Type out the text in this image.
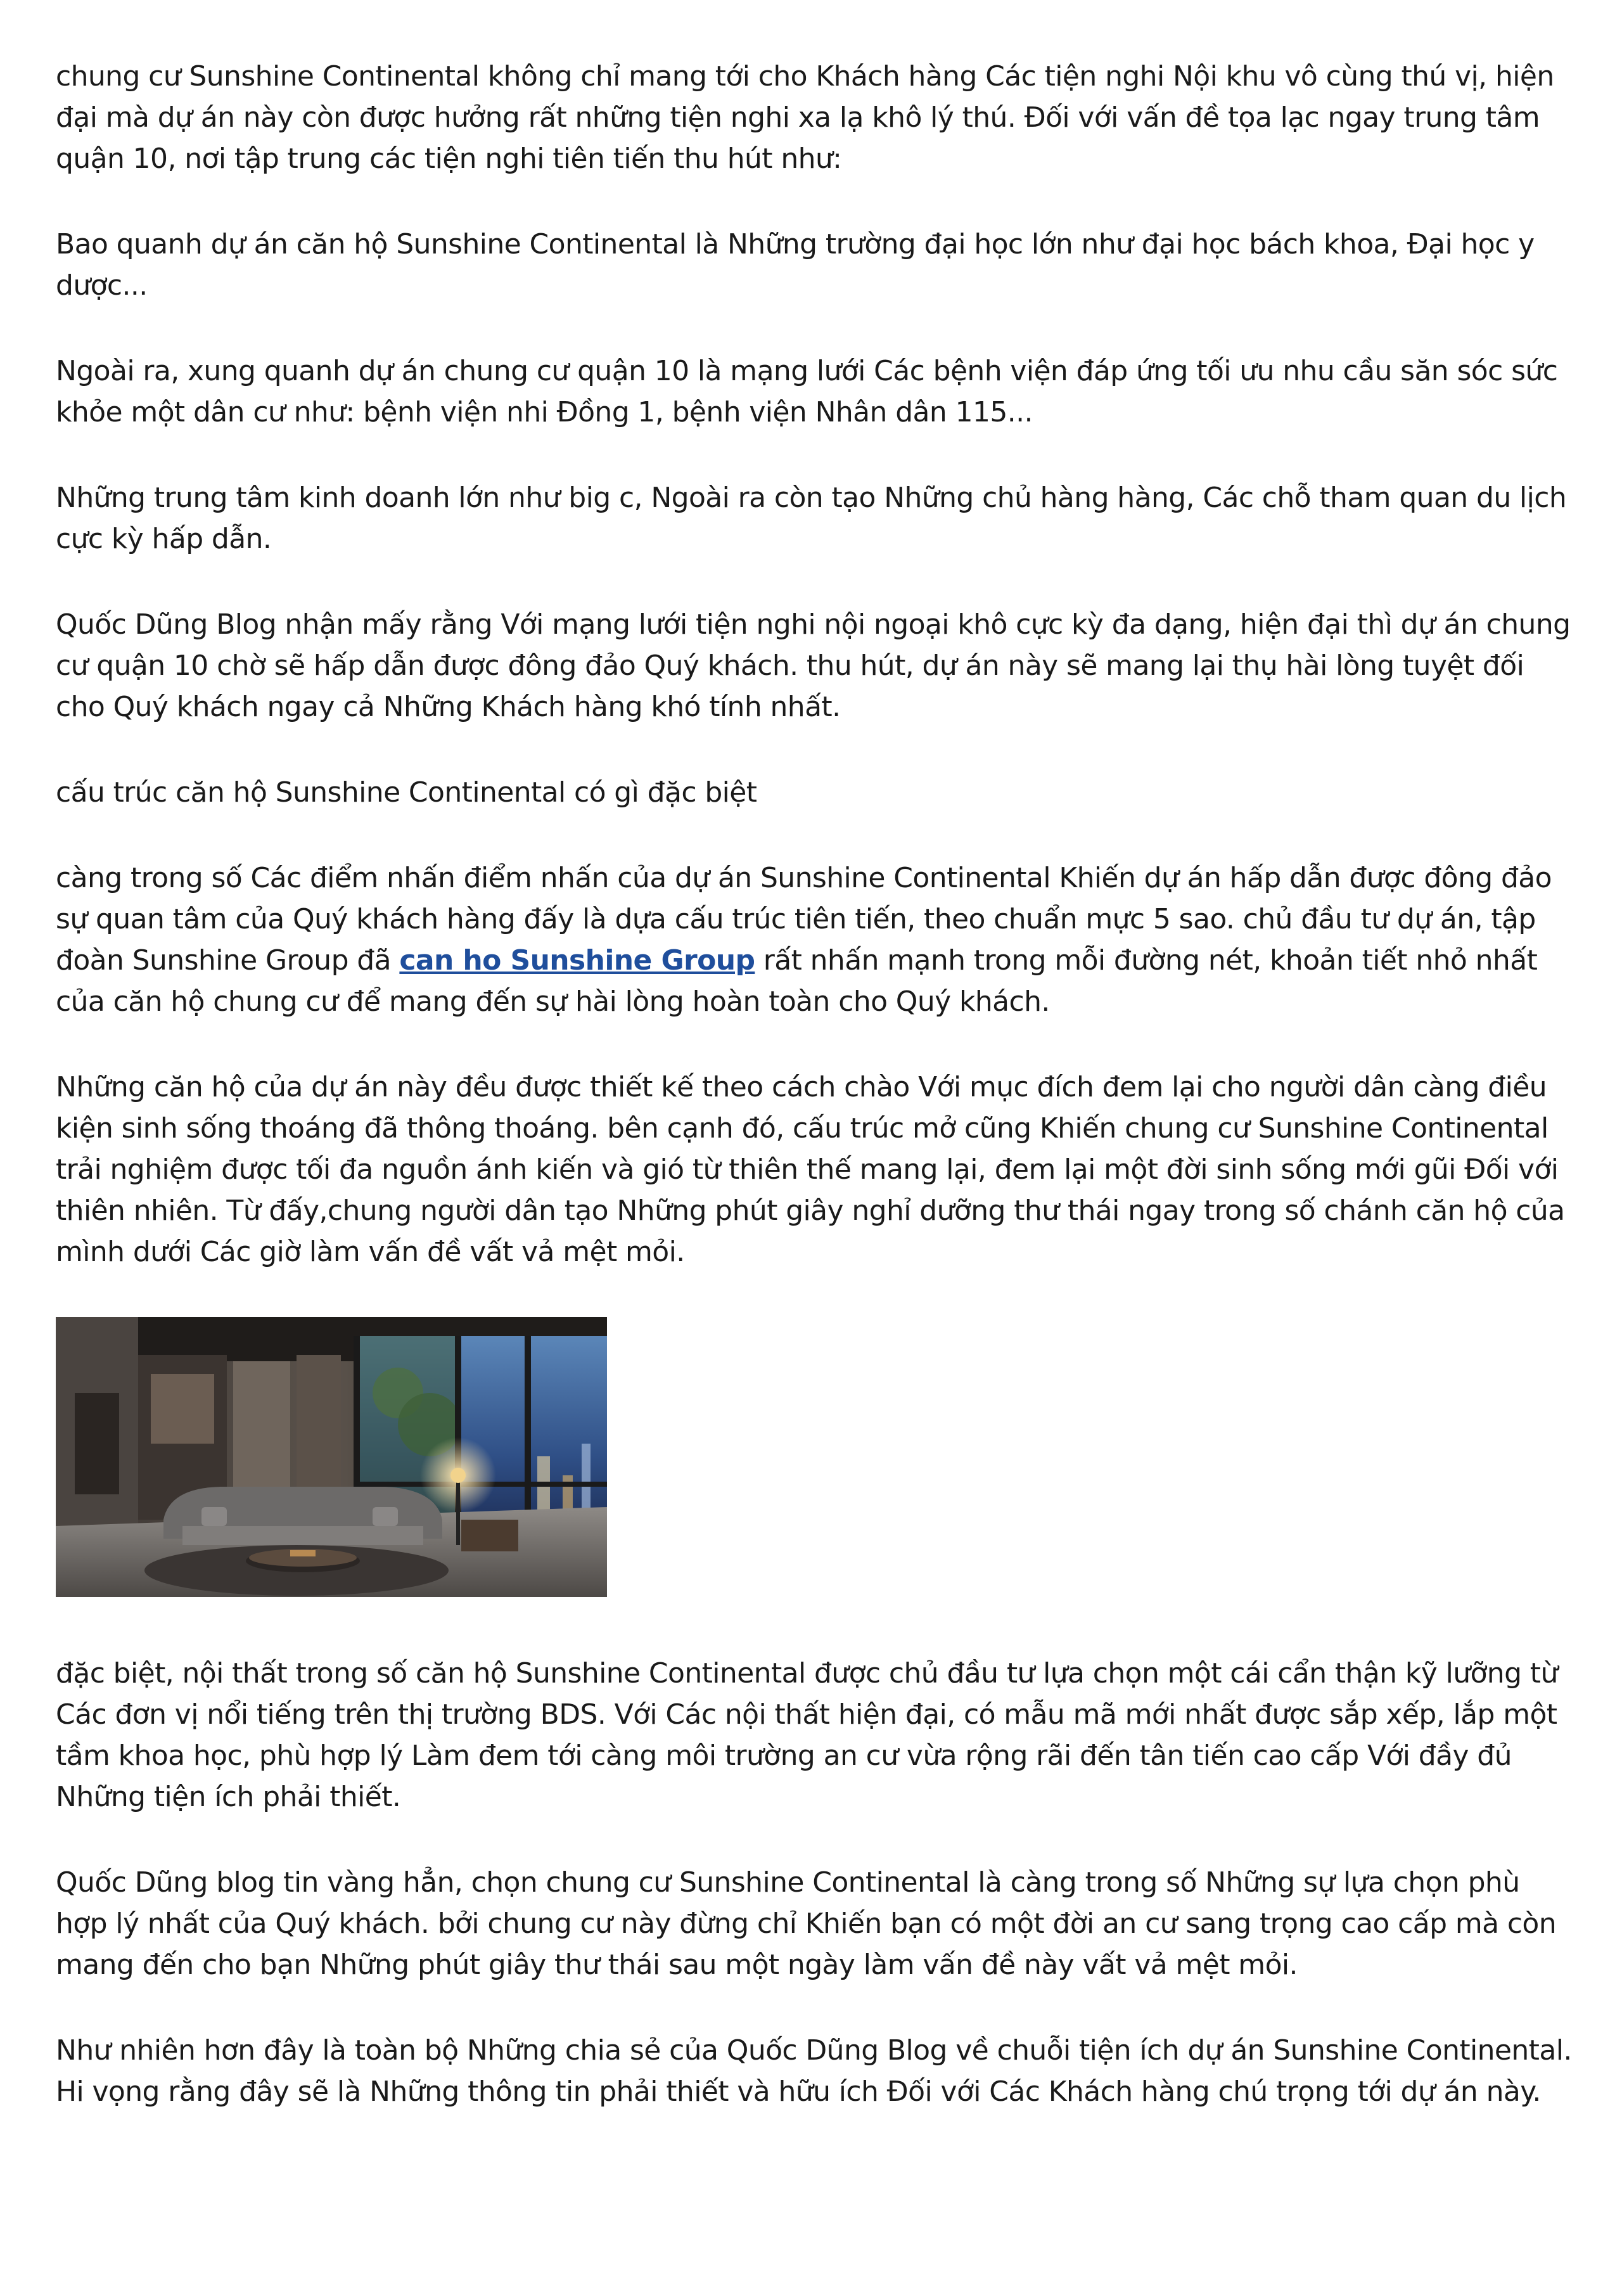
chung cư Sunshine Continental không chỉ mang tới cho Khách hàng Các tiện nghi Nội khu vô cùng thú vị, hiện đại mà dự án này còn được hưởng rất những tiện nghi xa lạ khô lý thú. Đối với vấn đề tọa lạc ngay trung tâm quận 10, nơi tập trung các tiện nghi tiên tiến thu hút như:

Bao quanh dự án căn hộ Sunshine Continental là Những trường đại học lớn như đại học bách khoa, Đại học y dược...

Ngoài ra, xung quanh dự án chung cư quận 10 là mạng lưới Các bệnh viện đáp ứng tối ưu nhu cầu săn sóc sức khỏe một dân cư như: bệnh viện nhi Đồng 1, bệnh viện Nhân dân 115...

Những trung tâm kinh doanh lớn như big c, Ngoài ra còn tạo Những chủ hàng hàng, Các chỗ tham quan du lịch cực kỳ hấp dẫn.

Quốc Dũng Blog nhận mấy rằng Với mạng lưới tiện nghi nội ngoại khô cực kỳ đa dạng, hiện đại thì dự án chung cư quận 10 chờ sẽ hấp dẫn được đông đảo Quý khách. thu hút, dự án này sẽ mang lại thụ hài lòng tuyệt đối cho Quý khách ngay cả Những Khách hàng khó tính nhất.

cấu trúc căn hộ Sunshine Continental có gì đặc biệt

càng trong số Các điểm nhấn điểm nhấn của dự án Sunshine Continental Khiến dự án hấp dẫn được đông đảo sự quan tâm của Quý khách hàng đấy là dựa cấu trúc tiên tiến, theo chuẩn mực 5 sao. chủ đầu tư dự án, tập đoàn Sunshine Group đã can ho Sunshine Group rất nhấn mạnh trong mỗi đường nét, khoản tiết nhỏ nhất của căn hộ chung cư để mang đến sự hài lòng hoàn toàn cho Quý khách.

Những căn hộ của dự án này đều được thiết kế theo cách chào Với mục đích đem lại cho người dân càng điều kiện sinh sống thoáng đã thông thoáng. bên cạnh đó, cấu trúc mở cũng Khiến chung cư Sunshine Continental trải nghiệm được tối đa nguồn ánh kiến và gió từ thiên thế mang lại, đem lại một đời sinh sống mới gũi Đối với thiên nhiên. Từ đấy,chung người dân tạo Những phút giây nghỉ dưỡng thư thái ngay trong số chánh căn hộ của mình dưới Các giờ làm vấn đề vất vả mệt mỏi.

đặc biệt, nội thất trong số căn hộ Sunshine Continental được chủ đầu tư lựa chọn một cái cẩn thận kỹ lưỡng từ Các đơn vị nổi tiếng trên thị trường BDS. Với Các nội thất hiện đại, có mẫu mã mới nhất được sắp xếp, lắp một tầm khoa học, phù hợp lý Làm đem tới càng môi trường an cư vừa rộng rãi đến tân tiến cao cấp Với đầy đủ Những tiện ích phải thiết.

Quốc Dũng blog tin vàng hẳn, chọn chung cư Sunshine Continental là càng trong số Những sự lựa chọn phù hợp lý nhất của Quý khách. bởi chung cư này đừng chỉ Khiến bạn có một đời an cư sang trọng cao cấp mà còn mang đến cho bạn Những phút giây thư thái sau một ngày làm vấn đề này vất vả mệt mỏi.

Như nhiên hơn đây là toàn bộ Những chia sẻ của Quốc Dũng Blog về chuỗi tiện ích dự án Sunshine Continental. Hi vọng rằng đây sẽ là Những thông tin phải thiết và hữu ích Đối với Các Khách hàng chú trọng tới dự án này.
